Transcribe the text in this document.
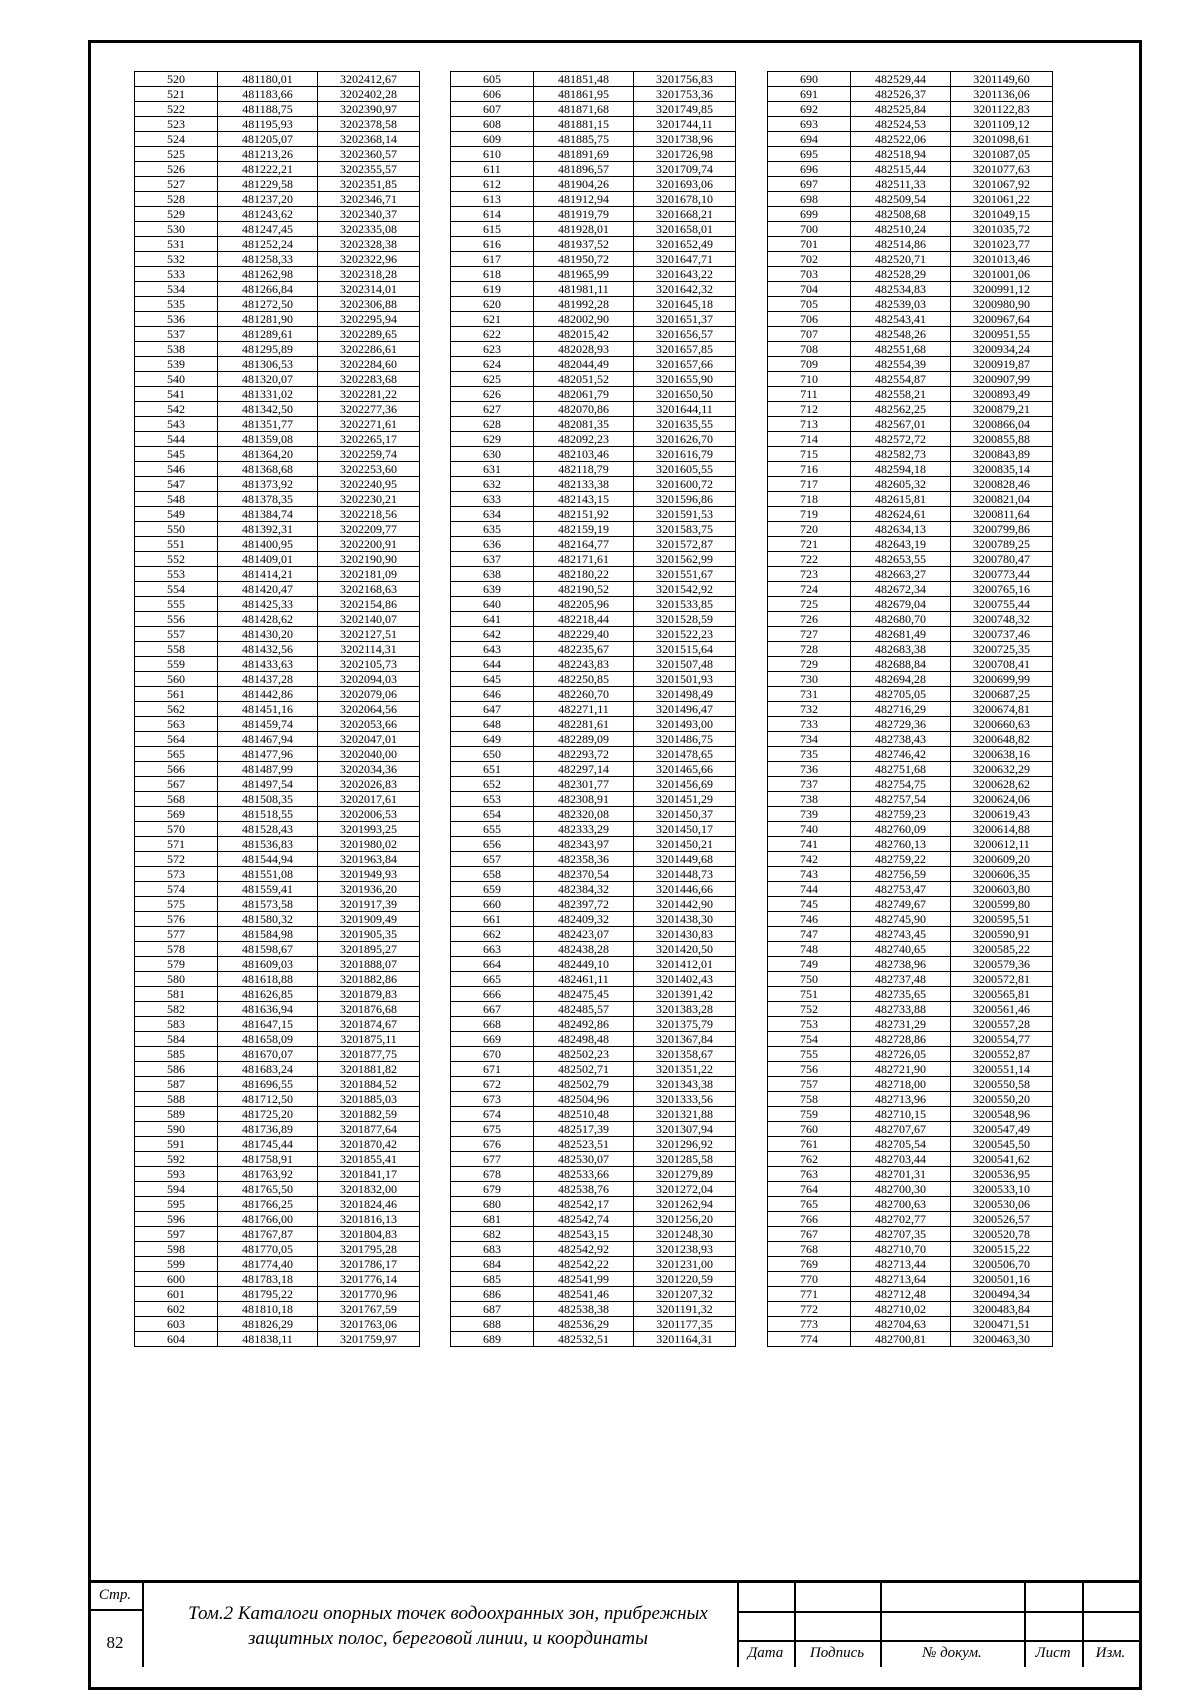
520	481180,01	3202412,67
521	481183,66	3202402,28
522	481188,75	3202390,97
523	481195,93	3202378,58
524	481205,07	3202368,14
525	481213,26	3202360,57
526	481222,21	3202355,57
527	481229,58	3202351,85
528	481237,20	3202346,71
529	481243,62	3202340,37
530	481247,45	3202335,08
531	481252,24	3202328,38
532	481258,33	3202322,96
533	481262,98	3202318,28
534	481266,84	3202314,01
535	481272,50	3202306,88
536	481281,90	3202295,94
537	481289,61	3202289,65
538	481295,89	3202286,61
539	481306,53	3202284,60
540	481320,07	3202283,68
541	481331,02	3202281,22
542	481342,50	3202277,36
543	481351,77	3202271,61
544	481359,08	3202265,17
545	481364,20	3202259,74
546	481368,68	3202253,60
547	481373,92	3202240,95
548	481378,35	3202230,21
549	481384,74	3202218,56
550	481392,31	3202209,77
551	481400,95	3202200,91
552	481409,01	3202190,90
553	481414,21	3202181,09
554	481420,47	3202168,63
555	481425,33	3202154,86
556	481428,62	3202140,07
557	481430,20	3202127,51
558	481432,56	3202114,31
559	481433,63	3202105,73
560	481437,28	3202094,03
561	481442,86	3202079,06
562	481451,16	3202064,56
563	481459,74	3202053,66
564	481467,94	3202047,01
565	481477,96	3202040,00
566	481487,99	3202034,36
567	481497,54	3202026,83
568	481508,35	3202017,61
569	481518,55	3202006,53
570	481528,43	3201993,25
571	481536,83	3201980,02
572	481544,94	3201963,84
573	481551,08	3201949,93
574	481559,41	3201936,20
575	481573,58	3201917,39
576	481580,32	3201909,49
577	481584,98	3201905,35
578	481598,67	3201895,27
579	481609,03	3201888,07
580	481618,88	3201882,86
581	481626,85	3201879,83
582	481636,94	3201876,68
583	481647,15	3201874,67
584	481658,09	3201875,11
585	481670,07	3201877,75
586	481683,24	3201881,82
587	481696,55	3201884,52
588	481712,50	3201885,03
589	481725,20	3201882,59
590	481736,89	3201877,64
591	481745,44	3201870,42
592	481758,91	3201855,41
593	481763,92	3201841,17
594	481765,50	3201832,00
595	481766,25	3201824,46
596	481766,00	3201816,13
597	481767,87	3201804,83
598	481770,05	3201795,28
599	481774,40	3201786,17
600	481783,18	3201776,14
601	481795,22	3201770,96
602	481810,18	3201767,59
603	481826,29	3201763,06
604	481838,11	3201759,97
605	481851,48	3201756,83
606	481861,95	3201753,36
607	481871,68	3201749,85
608	481881,15	3201744,11
609	481885,75	3201738,96
610	481891,69	3201726,98
611	481896,57	3201709,74
612	481904,26	3201693,06
613	481912,94	3201678,10
614	481919,79	3201668,21
615	481928,01	3201658,01
616	481937,52	3201652,49
617	481950,72	3201647,71
618	481965,99	3201643,22
619	481981,11	3201642,32
620	481992,28	3201645,18
621	482002,90	3201651,37
622	482015,42	3201656,57
623	482028,93	3201657,85
624	482044,49	3201657,66
625	482051,52	3201655,90
626	482061,79	3201650,50
627	482070,86	3201644,11
628	482081,35	3201635,55
629	482092,23	3201626,70
630	482103,46	3201616,79
631	482118,79	3201605,55
632	482133,38	3201600,72
633	482143,15	3201596,86
634	482151,92	3201591,53
635	482159,19	3201583,75
636	482164,77	3201572,87
637	482171,61	3201562,99
638	482180,22	3201551,67
639	482190,52	3201542,92
640	482205,96	3201533,85
641	482218,44	3201528,59
642	482229,40	3201522,23
643	482235,67	3201515,64
644	482243,83	3201507,48
645	482250,85	3201501,93
646	482260,70	3201498,49
647	482271,11	3201496,47
648	482281,61	3201493,00
649	482289,09	3201486,75
650	482293,72	3201478,65
651	482297,14	3201465,66
652	482301,77	3201456,69
653	482308,91	3201451,29
654	482320,08	3201450,37
655	482333,29	3201450,17
656	482343,97	3201450,21
657	482358,36	3201449,68
658	482370,54	3201448,73
659	482384,32	3201446,66
660	482397,72	3201442,90
661	482409,32	3201438,30
662	482423,07	3201430,83
663	482438,28	3201420,50
664	482449,10	3201412,01
665	482461,11	3201402,43
666	482475,45	3201391,42
667	482485,57	3201383,28
668	482492,86	3201375,79
669	482498,48	3201367,84
670	482502,23	3201358,67
671	482502,71	3201351,22
672	482502,79	3201343,38
673	482504,96	3201333,56
674	482510,48	3201321,88
675	482517,39	3201307,94
676	482523,51	3201296,92
677	482530,07	3201285,58
678	482533,66	3201279,89
679	482538,76	3201272,04
680	482542,17	3201262,94
681	482542,74	3201256,20
682	482543,15	3201248,30
683	482542,92	3201238,93
684	482542,22	3201231,00
685	482541,99	3201220,59
686	482541,46	3201207,32
687	482538,38	3201191,32
688	482536,29	3201177,35
689	482532,51	3201164,31
690	482529,44	3201149,60
691	482526,37	3201136,06
692	482525,84	3201122,83
693	482524,53	3201109,12
694	482522,06	3201098,61
695	482518,94	3201087,05
696	482515,44	3201077,63
697	482511,33	3201067,92
698	482509,54	3201061,22
699	482508,68	3201049,15
700	482510,24	3201035,72
701	482514,86	3201023,77
702	482520,71	3201013,46
703	482528,29	3201001,06
704	482534,83	3200991,12
705	482539,03	3200980,90
706	482543,41	3200967,64
707	482548,26	3200951,55
708	482551,68	3200934,24
709	482554,39	3200919,87
710	482554,87	3200907,99
711	482558,21	3200893,49
712	482562,25	3200879,21
713	482567,01	3200866,04
714	482572,72	3200855,88
715	482582,73	3200843,89
716	482594,18	3200835,14
717	482605,32	3200828,46
718	482615,81	3200821,04
719	482624,61	3200811,64
720	482634,13	3200799,86
721	482643,19	3200789,25
722	482653,55	3200780,47
723	482663,27	3200773,44
724	482672,34	3200765,16
725	482679,04	3200755,44
726	482680,70	3200748,32
727	482681,49	3200737,46
728	482683,38	3200725,35
729	482688,84	3200708,41
730	482694,28	3200699,99
731	482705,05	3200687,25
732	482716,29	3200674,81
733	482729,36	3200660,63
734	482738,43	3200648,82
735	482746,42	3200638,16
736	482751,68	3200632,29
737	482754,75	3200628,62
738	482757,54	3200624,06
739	482759,23	3200619,43
740	482760,09	3200614,88
741	482760,13	3200612,11
742	482759,22	3200609,20
743	482756,59	3200606,35
744	482753,47	3200603,80
745	482749,67	3200599,80
746	482745,90	3200595,51
747	482743,45	3200590,91
748	482740,65	3200585,22
749	482738,96	3200579,36
750	482737,48	3200572,81
751	482735,65	3200565,81
752	482733,88	3200561,46
753	482731,29	3200557,28
754	482728,86	3200554,77
755	482726,05	3200552,87
756	482721,90	3200551,14
757	482718,00	3200550,58
758	482713,96	3200550,20
759	482710,15	3200548,96
760	482707,67	3200547,49
761	482705,54	3200545,50
762	482703,44	3200541,62
763	482701,31	3200536,95
764	482700,30	3200533,10
765	482700,63	3200530,06
766	482702,77	3200526,57
767	482707,35	3200520,78
768	482710,70	3200515,22
769	482713,44	3200506,70
770	482713,64	3200501,16
771	482712,48	3200494,34
772	482710,02	3200483,84
773	482704,63	3200471,51
774	482700,81	3200463,30
Стр.
82
Том.2 Каталоги опорных точек водоохранных зон, прибрежных защитных полос, береговой линии, и координаты
Дата	Подпись	№ докум.	Лист	Изм.
